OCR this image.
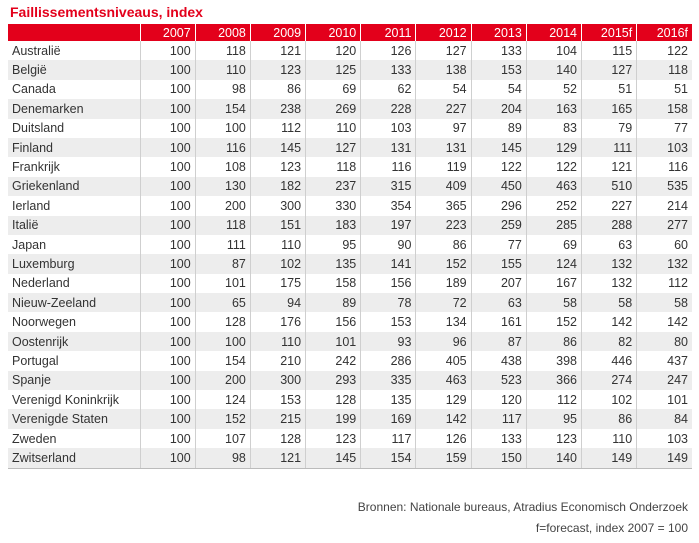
Faillissementsniveaus, index
	2007	2008	2009	2010	2011	2012	2013	2014	2015f	2016f
Australië	100	118	121	120	126	127	133	104	115	122
België	100	110	123	125	133	138	153	140	127	118
Canada	100	98	86	69	62	54	54	52	51	51
Denemarken	100	154	238	269	228	227	204	163	165	158
Duitsland	100	100	112	110	103	97	89	83	79	77
Finland	100	116	145	127	131	131	145	129	111	103
Frankrijk	100	108	123	118	116	119	122	122	121	116
Griekenland	100	130	182	237	315	409	450	463	510	535
Ierland	100	200	300	330	354	365	296	252	227	214
Italië	100	118	151	183	197	223	259	285	288	277
Japan	100	111	110	95	90	86	77	69	63	60
Luxemburg	100	87	102	135	141	152	155	124	132	132
Nederland	100	101	175	158	156	189	207	167	132	112
Nieuw-Zeeland	100	65	94	89	78	72	63	58	58	58
Noorwegen	100	128	176	156	153	134	161	152	142	142
Oostenrijk	100	100	110	101	93	96	87	86	82	80
Portugal	100	154	210	242	286	405	438	398	446	437
Spanje	100	200	300	293	335	463	523	366	274	247
Verenigd Koninkrijk	100	124	153	128	135	129	120	112	102	101
Verenigde Staten	100	152	215	199	169	142	117	95	86	84
Zweden	100	107	128	123	117	126	133	123	110	103
Zwitserland	100	98	121	145	154	159	150	140	149	149
Bronnen: Nationale bureaus, Atradius Economisch Onderzoek
f=forecast, index 2007 = 100
